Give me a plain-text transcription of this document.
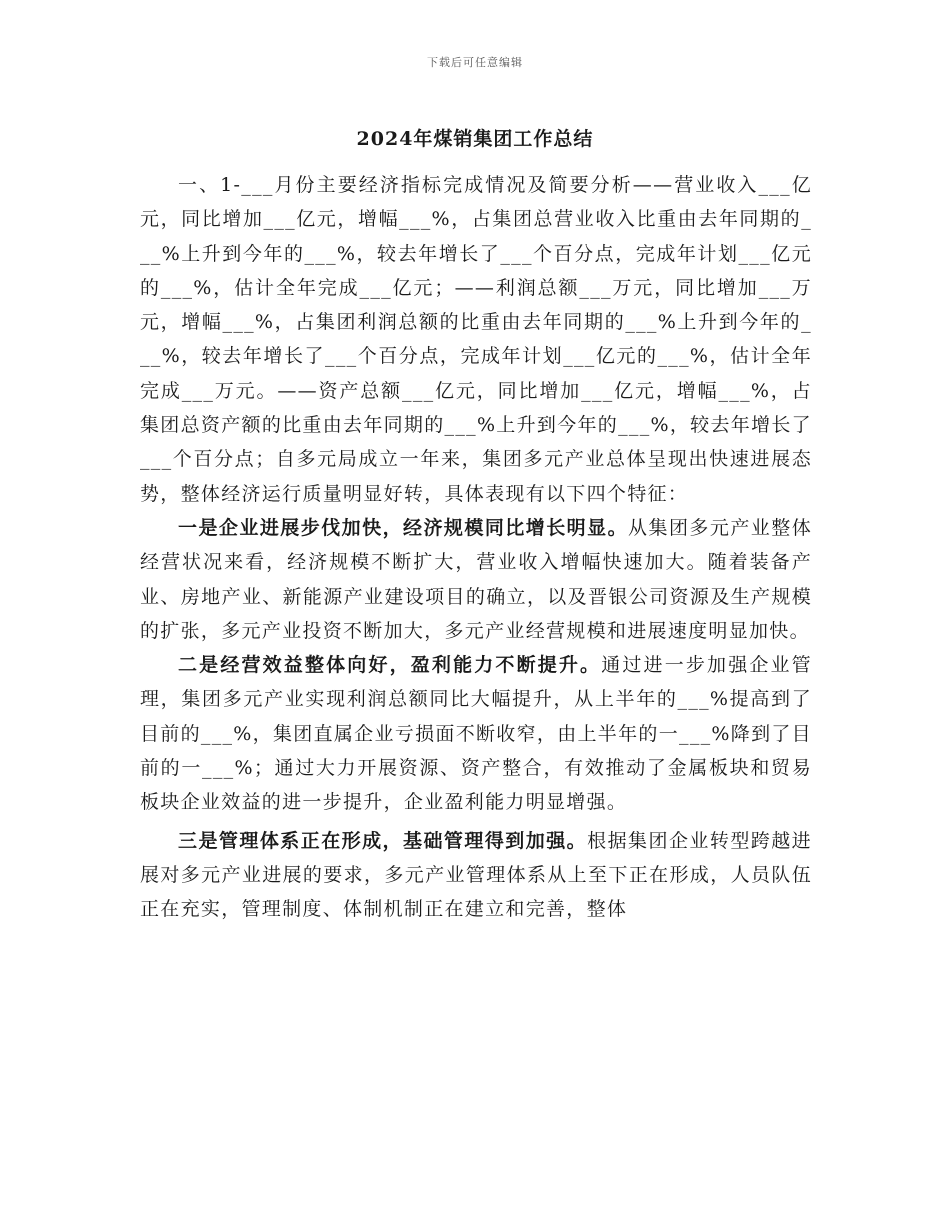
下载后可任意编辑
2024年煤销集团工作总结

一、1-___月份主要经济指标完成情况及简要分析——营业收入___亿元，同比增加___亿元，增幅___%，占集团总营业收入比重由去年同期的___%上升到今年的___%，较去年增长了___个百分点，完成年计划___亿元的___%，估计全年完成___亿元；——利润总额___万元，同比增加___万元，增幅___%，占集团利润总额的比重由去年同期的___%上升到今年的___%，较去年增长了___个百分点，完成年计划___亿元的___%，估计全年完成___万元。——资产总额___亿元，同比增加___亿元，增幅___%，占集团总资产额的比重由去年同期的___%上升到今年的___%，较去年增长了___个百分点；自多元局成立一年来，集团多元产业总体呈现出快速进展态势，整体经济运行质量明显好转，具体表现有以下四个特征：

一是企业进展步伐加快，经济规模同比增长明显。从集团多元产业整体经营状况来看，经济规模不断扩大，营业收入增幅快速加大。随着装备产业、房地产业、新能源产业建设项目的确立，以及晋银公司资源及生产规模的扩张，多元产业投资不断加大，多元产业经营规模和进展速度明显加快。

二是经营效益整体向好，盈利能力不断提升。通过进一步加强企业管理，集团多元产业实现利润总额同比大幅提升，从上半年的___%提高到了目前的___%，集团直属企业亏损面不断收窄，由上半年的一___%降到了目前的一___%；通过大力开展资源、资产整合，有效推动了金属板块和贸易板块企业效益的进一步提升，企业盈利能力明显增强。

三是管理体系正在形成，基础管理得到加强。根据集团企业转型跨越进展对多元产业进展的要求，多元产业管理体系从上至下正在形成，人员队伍正在充实，管理制度、体制机制正在建立和完善，整体
